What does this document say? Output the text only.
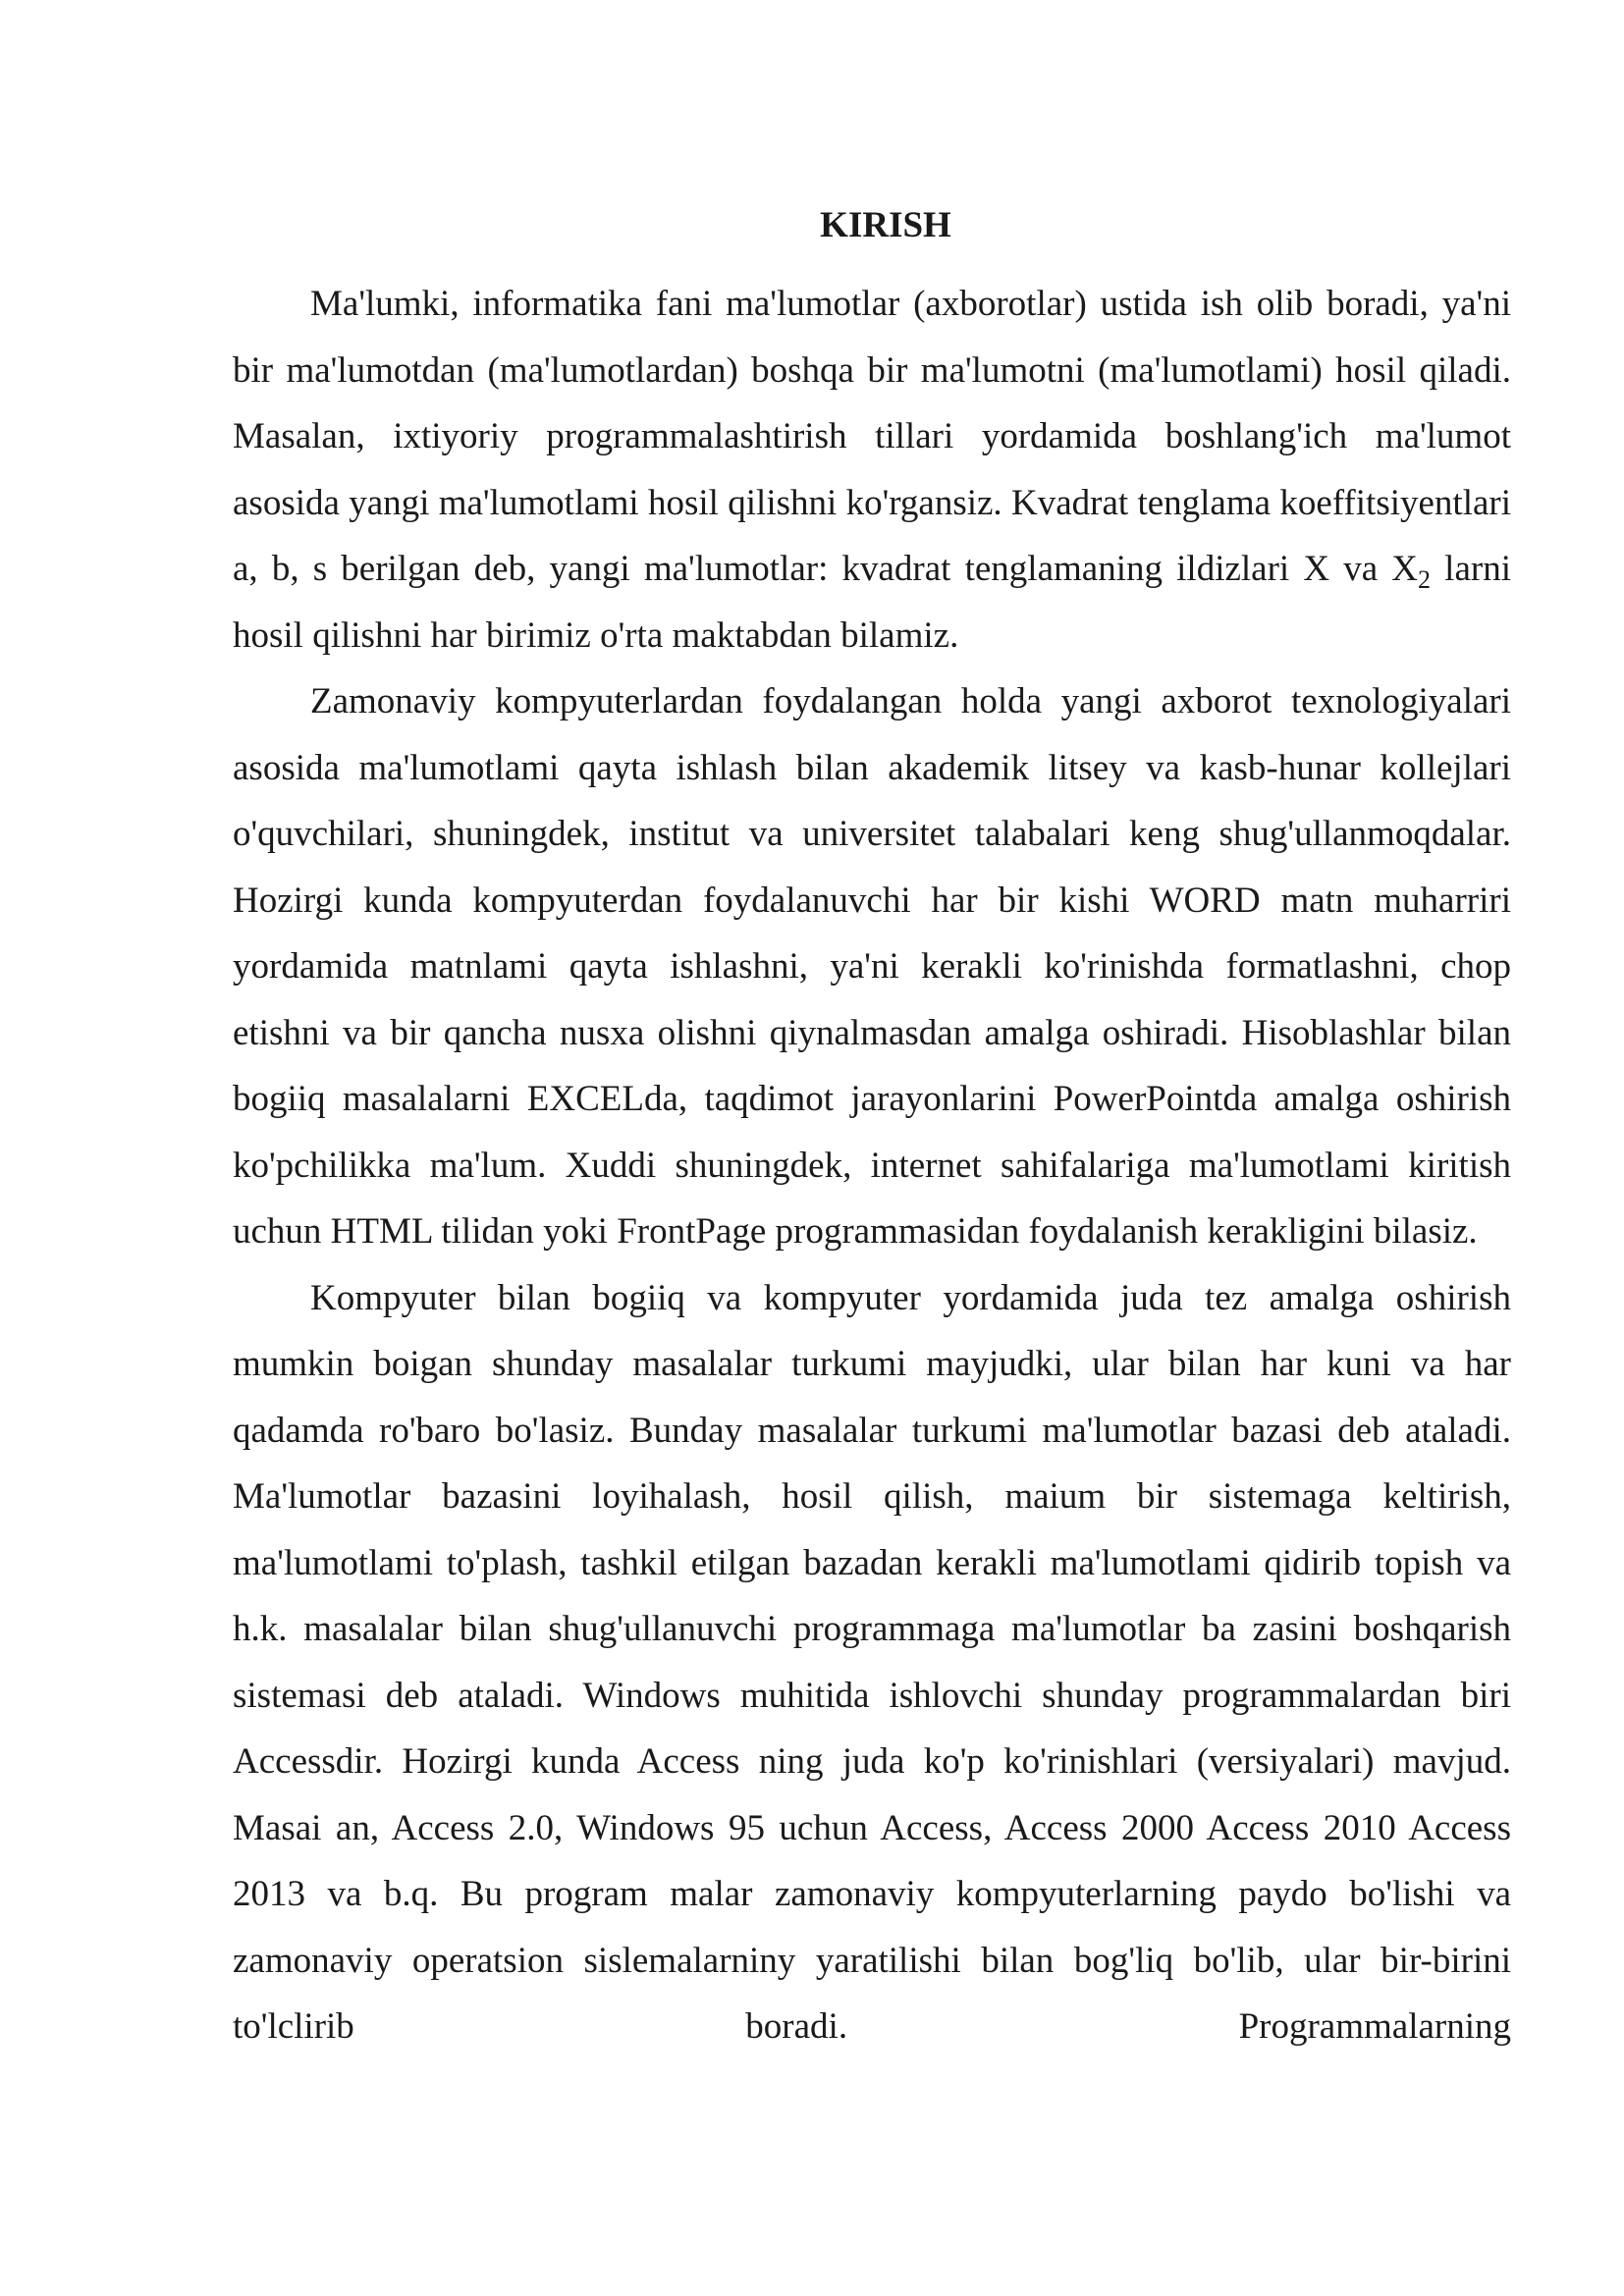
KIRISH

Ma'lumki, informatika fani ma'lumotlar (axborotlar) ustida ish olib boradi, ya'ni bir ma'lumotdan (ma'lumotlardan) boshqa bir ma'lumotni (ma'lumotlami) hosil qiladi. Masalan, ixtiyoriy programmalashtirish tillari yordamida boshlang'ich ma'lumot asosida yangi ma'lumotlami hosil qilishni ko'rgansiz. Kvadrat tenglama koeffitsiyentlari a, b, s berilgan deb, yangi ma'lumotlar: kvadrat tenglamaning ildizlari X va $X_2$ larni hosil qilishni har birimiz o'rta maktabdan bilamiz.

Zamonaviy kompyuterlardan foydalangan holda yangi axborot texnologiyalari asosida ma'lumotlami qayta ishlash bilan akademik litsey va kasb-hunar kollejlari o'quvchilari, shuningdek, institut va universitet talabalari keng shug'ullanmoqdalar. Hozirgi kunda kompyuterdan foydalanuvchi har bir kishi WORD matn muharriri yordamida matnlami qayta ishlashni, ya'ni kerakli ko'rinishda formatlashni, chop etishni va bir qancha nusxa olishni qiynalmasdan amalga oshiradi. Hisoblashlar bilan bogiiq masalalarni EXCELda, taqdimot jarayonlarini PowerPointda amalga oshirish ko'pchilikka ma'lum. Xuddi shuningdek, internet sahifalariga ma'lumotlami kiritish uchun HTML tilidan yoki FrontPage programmasidan foydalanish kerakligini bilasiz.

Kompyuter bilan bogiiq va kompyuter yordamida juda tez amalga oshirish mumkin boigan shunday masalalar turkumi mayjudki, ular bilan har kuni va har qadamda ro'baro bo'lasiz. Bunday masalalar turkumi ma'lumotlar bazasi deb ataladi. Ma'lumotlar bazasini loyihalash, hosil qilish, maium bir sistemaga keltirish, ma'lumotlami to'plash, tashkil etilgan bazadan kerakli ma'lumotlami qidirib topish va h.k. masalalar bilan shug'ullanuvchi programmaga ma'lumotlar ba zasini boshqarish sistemasi deb ataladi. Windows muhitida ishlovchi shunday programmalardan biri Accessdir. Hozirgi kunda Access ning juda ko'p ko'rinishlari (versiyalari) mavjud. Masai an, Access 2.0, Windows 95 uchun Access, Access 2000 Access 2010 Access 2013 va b.q. Bu program malar zamonaviy kompyuterlarning paydo bo'lishi va zamonaviy operatsion sislemalarniny yaratilishi bilan bog'liq bo'lib, ular bir-birini to'lclirib boradi. Programmalarning
